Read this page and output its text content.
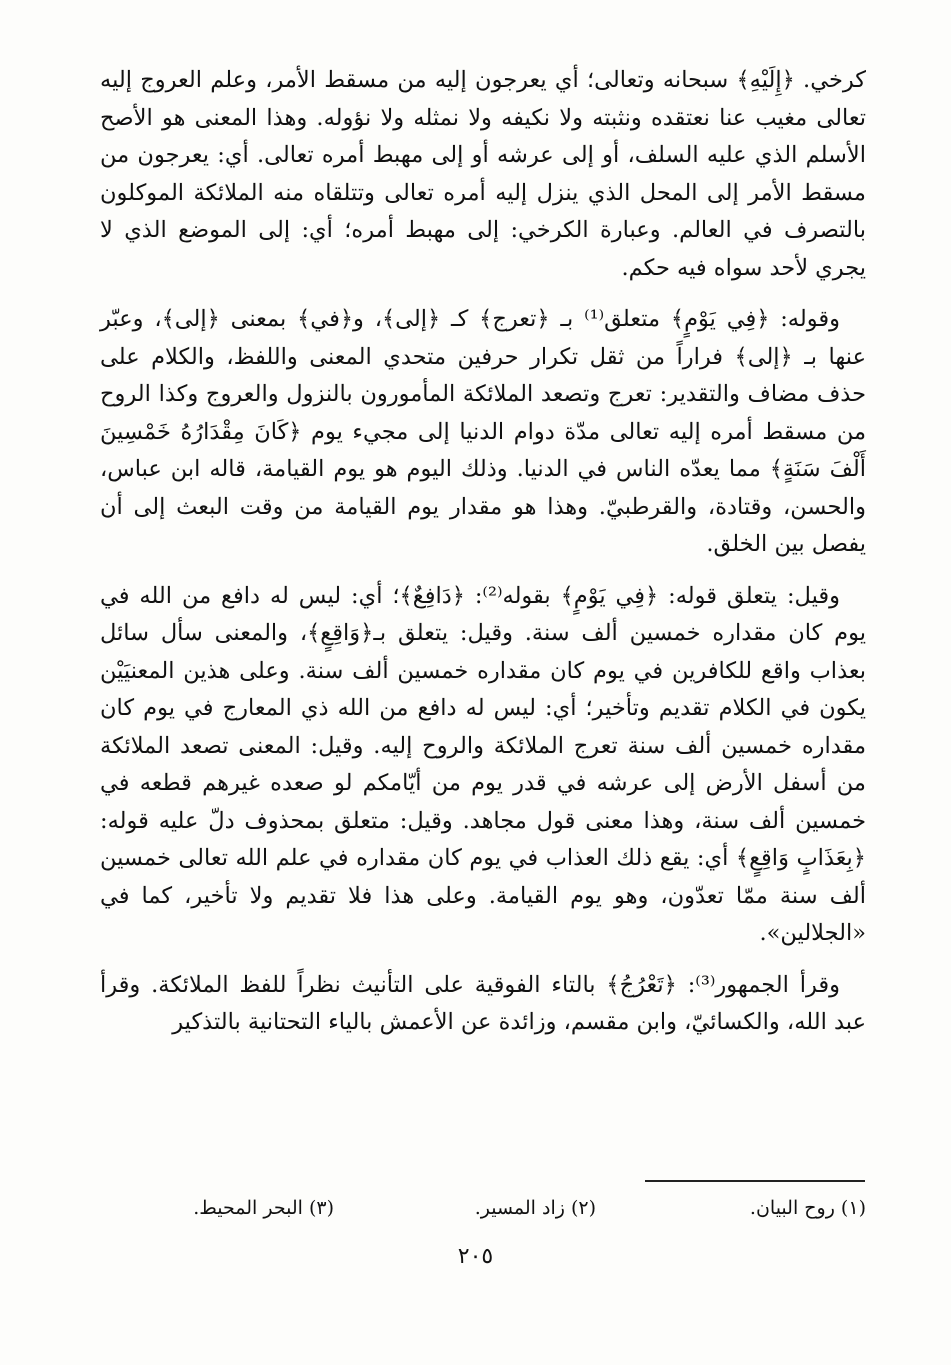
كرخي. ﴿إِلَيْهِ﴾ سبحانه وتعالى؛ أي يعرجون إليه من مسقط الأمر، وعلم العروج إليه تعالى مغيب عنا نعتقده ونثبته ولا نكيفه ولا نمثله ولا نؤوله. وهذا المعنى هو الأصح الأسلم الذي عليه السلف، أو إلى عرشه أو إلى مهبط أمره تعالى. أي: يعرجون من مسقط الأمر إلى المحل الذي ينزل إليه أمره تعالى وتتلقاه منه الملائكة الموكلون بالتصرف في العالم. وعبارة الكرخي: إلى مهبط أمره؛ أي: إلى الموضع الذي لا يجري لأحد سواه فيه حكم.

وقوله: ﴿فِي يَوْمٍ﴾ متعلق⁽¹⁾ بـ ﴿تعرج﴾ كـ ﴿إلى﴾، و﴿في﴾ بمعنى ﴿إلى﴾، وعبّر عنها بـ ﴿إلى﴾ فراراً من ثقل تكرار حرفين متحدي المعنى واللفظ، والكلام على حذف مضاف والتقدير: تعرج وتصعد الملائكة المأمورون بالنزول والعروج وكذا الروح من مسقط أمره إليه تعالى مدّة دوام الدنيا إلى مجيء يوم ﴿كَانَ مِقْدَارُهُ خَمْسِينَ أَلْفَ سَنَةٍ﴾ مما يعدّه الناس في الدنيا. وذلك اليوم هو يوم القيامة، قاله ابن عباس، والحسن، وقتادة، والقرطبيّ. وهذا هو مقدار يوم القيامة من وقت البعث إلى أن يفصل بين الخلق.

وقيل: يتعلق قوله: ﴿فِي يَوْمٍ﴾ بقوله⁽²⁾: ﴿دَافِعٌ﴾؛ أي: ليس له دافع من الله في يوم كان مقداره خمسين ألف سنة. وقيل: يتعلق بـ﴿وَاقِعٍ﴾، والمعنى سأل سائل بعذاب واقع للكافرين في يوم كان مقداره خمسين ألف سنة. وعلى هذين المعنيَيْن يكون في الكلام تقديم وتأخير؛ أي: ليس له دافع من الله ذي المعارج في يوم كان مقداره خمسين ألف سنة تعرج الملائكة والروح إليه. وقيل: المعنى تصعد الملائكة من أسفل الأرض إلى عرشه في قدر يوم من أيّامكم لو صعده غيرهم قطعه في خمسين ألف سنة، وهذا معنى قول مجاهد. وقيل: متعلق بمحذوف دلّ عليه قوله: ﴿بِعَذَابٍ وَاقِعٍ﴾ أي: يقع ذلك العذاب في يوم كان مقداره في علم الله تعالى خمسين ألف سنة ممّا تعدّون، وهو يوم القيامة. وعلى هذا فلا تقديم ولا تأخير، كما في «الجلالين».

وقرأ الجمهور⁽³⁾: ﴿تَعْرُجُ﴾ بالتاء الفوقية على التأنيث نظراً للفظ الملائكة. وقرأ عبد الله، والكسائيّ، وابن مقسم، وزائدة عن الأعمش بالياء التحتانية بالتذكير

(١) روح البيان.
(٢) زاد المسير.
(٣) البحر المحيط.
٢٠٥
